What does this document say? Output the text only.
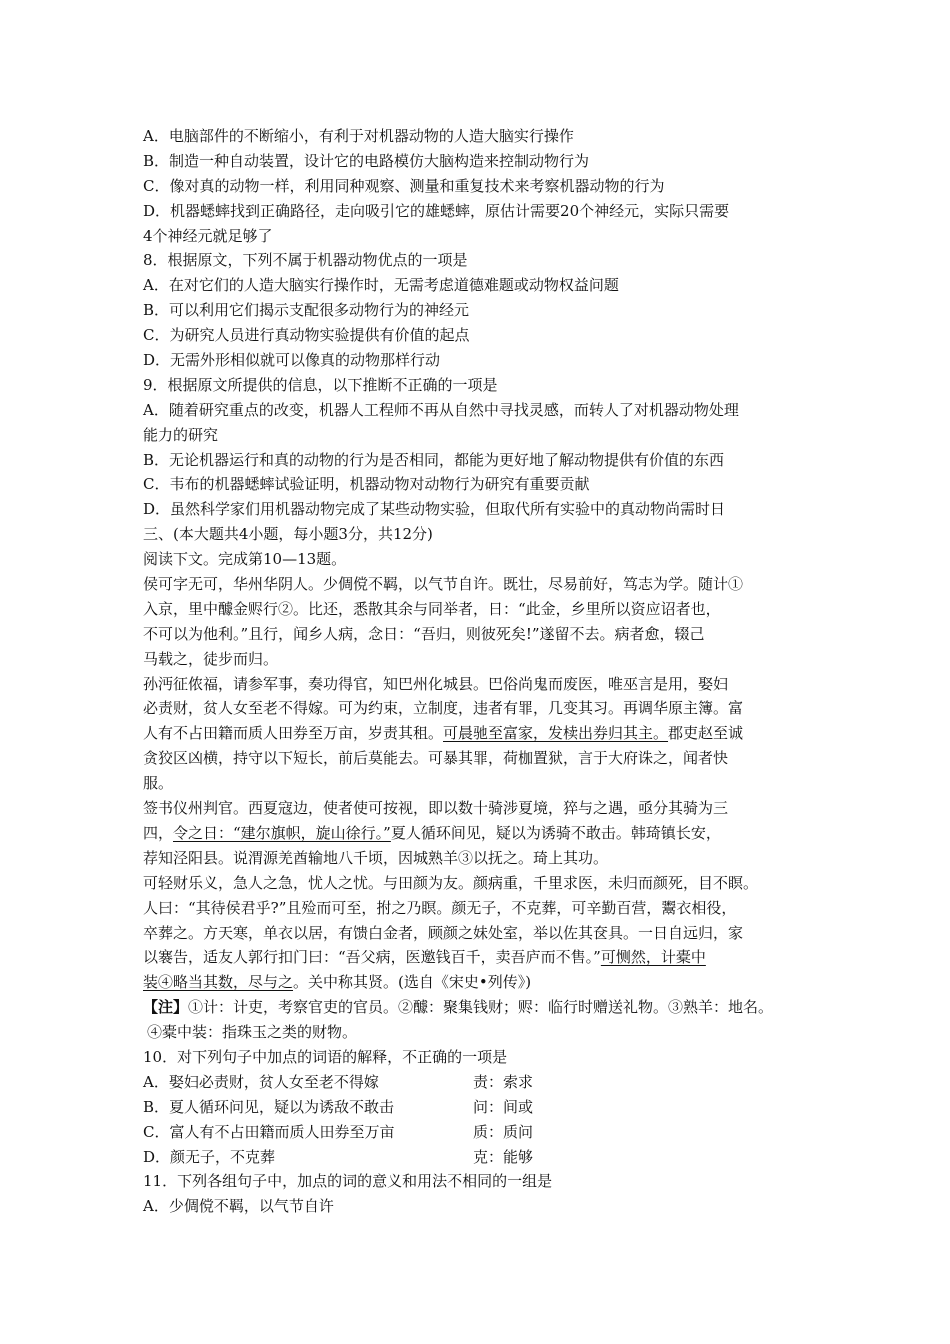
A．电脑部件的不断缩小，有利于对机器动物的人造大脑实行操作
B．制造一种自动装置，设计它的电路模仿大脑构造来控制动物行为
C．像对真的动物一样，利用同种观察、测量和重复技术来考察机器动物的行为
D．机器蟋蟀找到正确路径，走向吸引它的雄蟋蟀，原估计需要20个神经元，实际只需要
4个神经元就足够了
8．根据原文，下列不属于机器动物优点的一项是
A．在对它们的人造大脑实行操作时，无需考虑道德难题或动物权益问题
B．可以利用它们揭示支配很多动物行为的神经元
C．为研究人员进行真动物实验提供有价值的起点
D．无需外形相似就可以像真的动物那样行动
9．根据原文所提供的信息，以下推断不正确的一项是
A．随着研究重点的改变，机器人工程师不再从自然中寻找灵感，而转人了对机器动物处理
能力的研究
B．无论机器运行和真的动物的行为是否相同，都能为更好地了解动物提供有价值的东西
C．韦布的机器蟋蟀试验证明，机器动物对动物行为研究有重要贡献
D．虽然科学家们用机器动物完成了某些动物实验，但取代所有实验中的真动物尚需时日
三、(本大题共4小题，每小题3分，共12分)
阅读下文。完成第10—13题。
侯可字无可，华州华阴人。少倜傥不羁，以气节自许。既壮，尽易前好，笃志为学。随计①
入京，里中醵金赆行②。比还，悉散其余与同举者，日：“此金，乡里所以资应诏者也，
不可以为他利。”且行，闻乡人病，念日：“吾归，则彼死矣!”遂留不去。病者愈，辍己
马载之，徒步而归。
孙沔征侬福，请参军事，奏功得官，知巴州化城县。巴俗尚鬼而废医，唯巫言是用，娶妇
必责财，贫人女至老不得嫁。可为约束，立制度，违者有罪，几变其习。再调华原主簿。富
人有不占田籍而质人田券至万亩，岁责其租。可晨驰至富家，发椟出券归其主。郡吏赵至诚
贪狡区凶横，持守以下短长，前后莫能去。可暴其罪，荷枷置狱，言于大府诛之，闻者快
服。
签书仪州判官。西夏寇边，使者使可按视，即以数十骑涉夏境，猝与之遇，亟分其骑为三
四，令之日：“建尔旗帜，旋山徐行。”夏人循环间见，疑以为诱骑不敢击。韩琦镇长安，
荐知泾阳县。说渭源羌酋输地八千顷，因城熟羊③以抚之。琦上其功。
可轻财乐义，急人之急，忧人之忧。与田颜为友。颜病重，千里求医，未归而颜死，目不瞑。
人曰：“其待侯君乎?”且殓而可至，拊之乃瞑。颜无子，不克葬，可辛勤百营，鬻衣相役，
卒葬之。方天寒，单衣以居，有馈白金者，顾颜之妹处室，举以佐其奁具。一日自远归，家
以褰告，适友人郭行扣门曰：“吾父病，医邀钱百千，卖吾庐而不售。”可恻然，计橐中
装④略当其数，尽与之。关中称其贤。(选自《宋史•列传》)
【注】①计：计吏，考察官吏的官员。②醵：聚集钱财；赆：临行时赠送礼物。③熟羊：地名。
④橐中装：指珠玉之类的财物。
10．对下列句子中加点的词语的解释，不正确的一项是
A．娶妇必责财，贫人女至老不得嫁	责：索求
B．夏人循环问见，疑以为诱敌不敢击	问：间或
C．富人有不占田籍而质人田券至万亩	质：质问
D．颜无子，不克葬	克：能够
11．下列各组句子中，加点的词的意义和用法不相同的一组是
A．少倜傥不羁，以气节自许
